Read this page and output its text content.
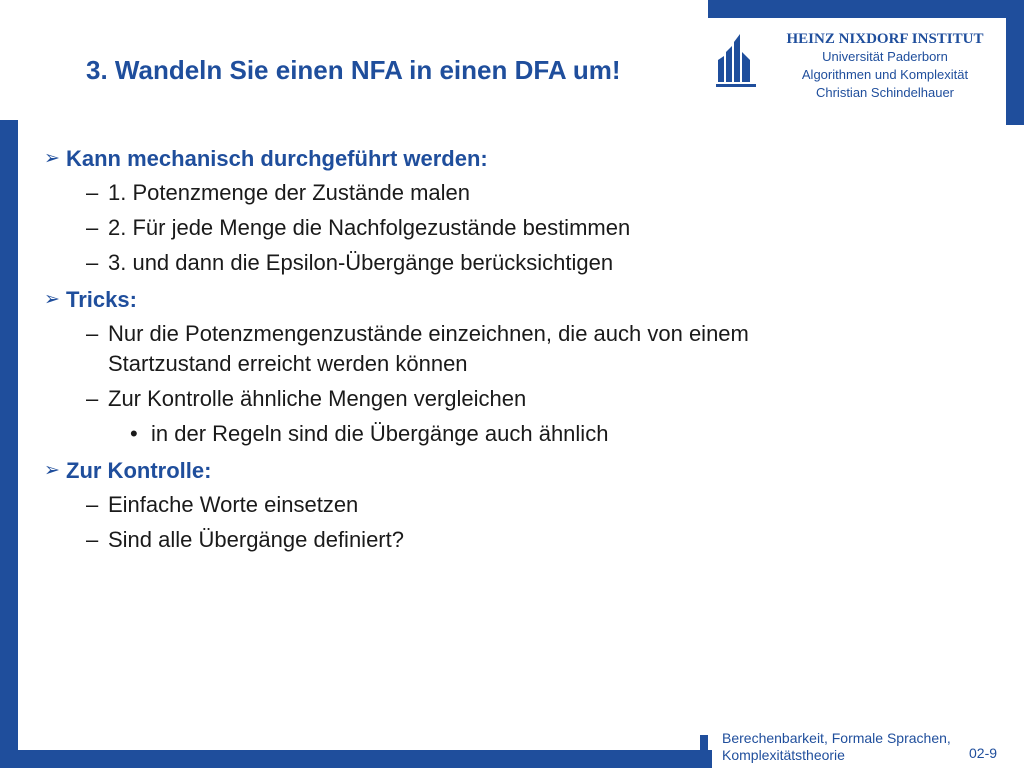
3. Wandeln Sie einen NFA in einen DFA um!
HEINZ NIXDORF INSTITUT
Universität Paderborn
Algorithmen und Komplexität
Christian Schindelhauer
➢ Kann mechanisch durchgeführt werden:
– 1. Potenzmenge der Zustände malen
– 2. Für jede Menge die Nachfolgezustände bestimmen
– 3. und dann die Epsilon-Übergänge berücksichtigen
➢ Tricks:
– Nur die Potenzmengenzustände einzeichnen, die auch von einem
Startzustand erreicht werden können
– Zur Kontrolle ähnliche Mengen vergleichen
• in der Regeln sind die Übergänge auch ähnlich
➢ Zur Kontrolle:
– Einfache Worte einsetzen
– Sind alle Übergänge definiert?
Berechenbarkeit, Formale Sprachen,
Komplexitätstheorie	02-9
